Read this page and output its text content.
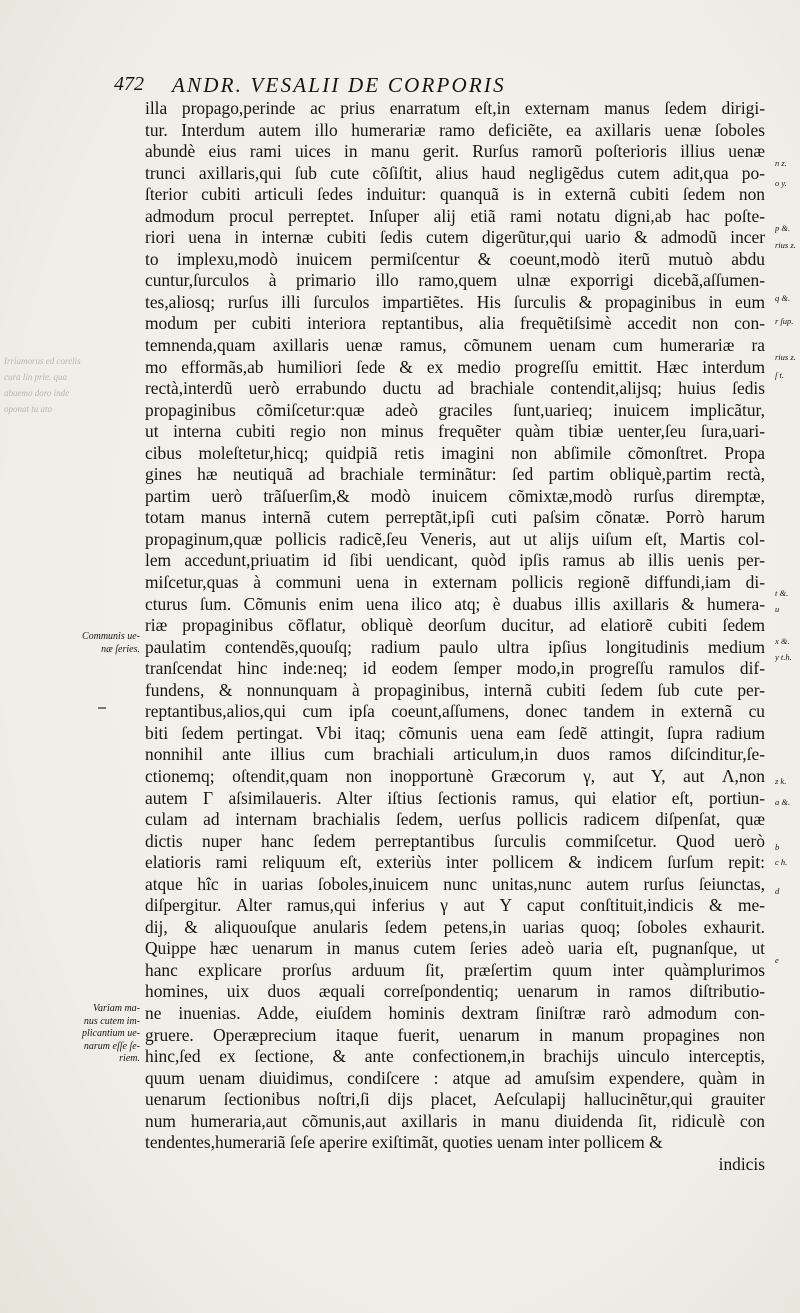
472 ANDR. VESALII DE CORPORIS
illa propago,perinde ac prius enarratum eſt,in externam manus ſedem dirigi-
tur. Interdum autem illo humerariæ ramo deficiẽte, ea axillaris uenæ ſoboles
abundè eius rami uices in manu gerit. Rurſus ramorũ poſterioris illius uenæ
trunci axillaris,qui ſub cute cõſiſtit, alius haud negligẽdus cutem adit,qua po-
ſterior cubiti articuli ſedes induitur: quanquã is in externã cubiti ſedem non
admodum procul perreptet. Inſuper alij etiã rami notatu digni,ab hac poſte-
riori uena in internæ cubiti ſedis cutem digerũtur,qui uario & admodũ incer
to implexu,modò inuicem permiſcentur & coeunt,modò iterũ mutuò abdu
cuntur,ſurculos à primario illo ramo,quem ulnæ exporrigi dicebã,aſſumen-
tes,aliosq; rurſus illi ſurculos impartiẽtes. His ſurculis & propaginibus in eum
modum per cubiti interiora reptantibus, alia frequẽtiſsimè accedit non con-
temnenda,quam axillaris uenæ ramus, cõmunem uenam cum humerariæ ra
mo efformãs,ab humiliori ſede & ex medio progreſſu emittit. Hæc interdum
rectà,interdũ uerò errabundo ductu ad brachiale contendit,alijsq; huius ſedis
propaginibus cõmiſcetur:quæ adeò graciles ſunt,uarieq; inuicem implicãtur,
ut interna cubiti regio non minus frequẽter quàm tibiæ uenter,ſeu ſura,uari-
cibus moleſtetur,hicq; quidpiã retis imagini non abſimile cõmonſtret. Propa
gines hæ neutiquã ad brachiale terminãtur: ſed partim obliquè,partim rectà,
partim uerò trãſuerſim,& modò inuicem cõmixtæ,modò rurſus diremptæ,
totam manus internã cutem perreptãt,ipſi cuti paſsim cõnatæ. Porrò harum
propaginum,quæ pollicis radicẽ,ſeu Veneris, aut ut alijs uiſum eſt, Martis col-
lem accedunt,priuatim id ſibi uendicant, quòd ipſis ramus ab illis uenis per-
miſcetur,quas à communi uena in externam pollicis regionẽ diffundi,iam di-
cturus ſum. Cõmunis enim uena ilico atq; è duabus illis axillaris & humera-
riæ propaginibus cõflatur, obliquè deorſum ducitur, ad elatiorẽ cubiti ſedem
paulatim contendẽs,quouſq; radium paulo ultra ipſius longitudinis medium
tranſcendat hinc inde:neq; id eodem ſemper modo,in progreſſu ramulos dif-
fundens, & nonnunquam à propaginibus, internã cubiti ſedem ſub cute per-
reptantibus,alios,qui cum ipſa coeunt,aſſumens, donec tandem in externã cu
biti ſedem pertingat. Vbi itaq; cõmunis uena eam ſedẽ attingit, ſupra radium
nonnihil ante illius cum brachiali articulum,in duos ramos diſcinditur,ſe-
ctionemq; oſtendit,quam non inopportunè Græcorum γ, aut Y, aut Λ,non
autem Γ aſsimilaueris. Alter iſtius ſectionis ramus, qui elatior eſt, portiun-
culam ad internam brachialis ſedem, uerſus pollicis radicem diſpenſat, quæ
dictis nuper hanc ſedem perreptantibus ſurculis commiſcetur. Quod uerò
elatioris rami reliquum eſt, exteriùs inter pollicem & indicem ſurſum repit:
atque hîc in uarias ſoboles,inuicem nunc unitas,nunc autem rurſus ſeiunctas,
diſpergitur. Alter ramus,qui inferius γ aut Y caput conſtituit,indicis & me-
dij, & aliquouſque anularis ſedem petens,in uarias quoq; ſoboles exhaurit.
Quippe hæc uenarum in manus cutem ſeries adeò uaria eſt, pugnanſque, ut
hanc explicare prorſus arduum ſit, præſertim quum inter quàmplurimos
homines, uix duos æquali correſpondentiq; uenarum in ramos diſtributio-
ne inuenias. Adde, eiuſdem hominis dextram ſiniſtræ rarò admodum con-
gruere. Operæprecium itaque fuerit, uenarum in manum propagines non
hinc,ſed ex ſectione, & ante confectionem,in brachijs uinculo interceptis,
quum uenam diuidimus, condiſcere : atque ad amuſsim expendere, quàm in
uenarum ſectionibus noſtri,ſi dijs placet, Aeſculapij hallucinẽtur,qui grauiter
num humeraria,aut cõmunis,aut axillaris in manu diuidenda ſit, ridiculè con
tendentes,humerariã ſeſe aperire exiſtimãt, quoties uenam inter pollicem &
indicis
Communis ue-
næ ſeries.
Variam ma-
nus cutem im-
plicantium ue-
narum eſſe ſe-
riem.
n z.
o y.
p &.
rius z.
q &.
r ſup.
rius z.
ſ t.
t &.
u
x &.
y t.h.
z k.
a &.
b
c h.
d
e
Irriamorus ed corelis
cura lin prie. qua
abaemo doro inde
oponat tu ato
